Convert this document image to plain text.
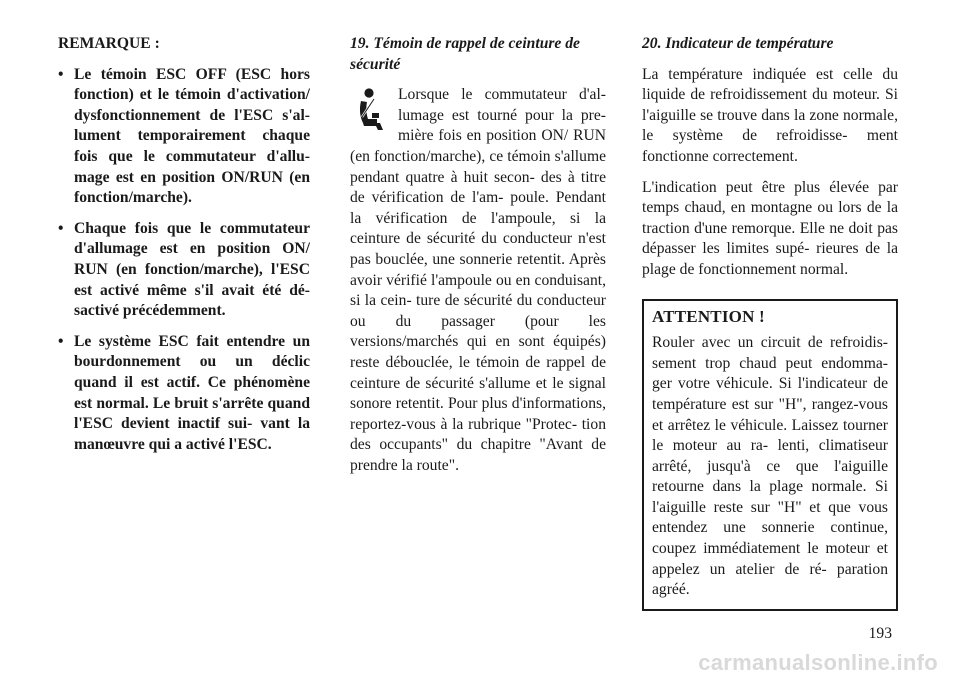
REMARQUE :

• Le témoin ESC OFF (ESC hors fonction) et le témoin d'activation/ dysfonctionnement de l'ESC s'al- lument temporairement chaque fois que le commutateur d'allu- mage est en position ON/RUN (en fonction/marche).
• Chaque fois que le commutateur d'allumage est en position ON/ RUN (en fonction/marche), l'ESC est activé même s'il avait été dé- sactivé précédemment.
• Le système ESC fait entendre un bourdonnement ou un déclic quand il est actif. Ce phénomène est normal. Le bruit s'arrête quand l'ESC devient inactif sui- vant la manœuvre qui a activé l'ESC.

19. Témoin de rappel de ceinture de sécurité

Lorsque le commutateur d'al- lumage est tourné pour la pre- mière fois en position ON/ RUN (en fonction/marche), ce témoin s'allume pendant quatre à huit secon- des à titre de vérification de l'am- poule. Pendant la vérification de l'ampoule, si la ceinture de sécurité du conducteur n'est pas bouclée, une sonnerie retentit. Après avoir vérifié l'ampoule ou en conduisant, si la cein- ture de sécurité du conducteur ou du passager (pour les versions/marchés qui en sont équipés) reste débouclée, le témoin de rappel de ceinture de sécurité s'allume et le signal sonore retentit. Pour plus d'informations, reportez-vous à la rubrique "Protec- tion des occupants" du chapitre "Avant de prendre la route".

20. Indicateur de température

La température indiquée est celle du liquide de refroidissement du moteur. Si l'aiguille se trouve dans la zone normale, le système de refroidisse- ment fonctionne correctement.

L'indication peut être plus élevée par temps chaud, en montagne ou lors de la traction d'une remorque. Elle ne doit pas dépasser les limites supé- rieures de la plage de fonctionnement normal.

ATTENTION !

Rouler avec un circuit de refroidis- sement trop chaud peut endomma- ger votre véhicule. Si l'indicateur de température est sur "H", rangez-vous et arrêtez le véhicule. Laissez tourner le moteur au ra- lenti, climatiseur arrêté, jusqu'à ce que l'aiguille retourne dans la plage normale. Si l'aiguille reste sur "H" et que vous entendez une sonnerie continue, coupez immédiatement le moteur et appelez un atelier de ré- paration agréé.
193
carmanualsonline.info
